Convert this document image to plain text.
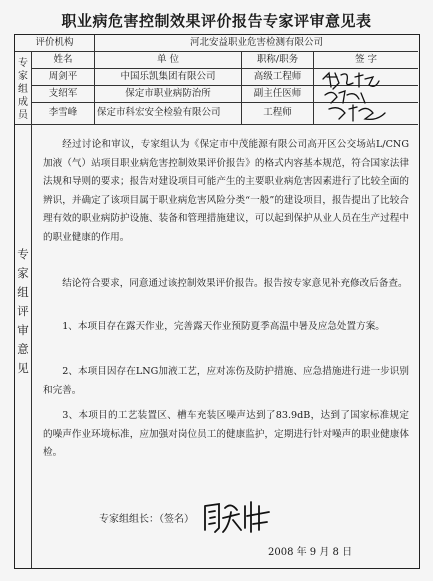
职业病危害控制效果评价报告专家评审意见表
评价机构	河北安益职业危害检测有限公司
专家组成员
姓名	单 位	职称/职务	签 字
周剑平	中国乐凯集团有限公司	高级工程师
支绍军	保定市职业病防治所	副主任医师
李雪峰	保定市科宏安全检验有限公司	工程师
专家组评审意见
经过讨论和审议，专家组认为《保定市中茂能源有限公司高开区公交场站L/CNG加液（气）站项目职业病危害控制效果评价报告》的格式内容基本规范，符合国家法律法规和导则的要求；报告对建设项目可能产生的主要职业病危害因素进行了比较全面的辨识，并确定了该项目属于职业病危害风险分类“一般”的建设项目，报告提出了比较合理有效的职业病防护设施、装备和管理措施建议，可以起到保护从业人员在生产过程中的职业健康的作用。
结论符合要求，同意通过该控制效果评价报告。报告按专家意见补充修改后备查。
1、本项目存在露天作业，完善露天作业预防夏季高温中暑及应急处置方案。
2、本项目因存在LNG加液工艺，应对冻伤及防护措施、应急措施进行进一步识别和完善。
3、本项目的工艺装置区、槽车充装区噪声达到了83.9dB，达到了国家标准规定的噪声作业环境标准，应加强对岗位员工的健康监护，定期进行针对噪声的职业健康体检。
专家组组长：（签名）
2008 年 9 月 8 日
